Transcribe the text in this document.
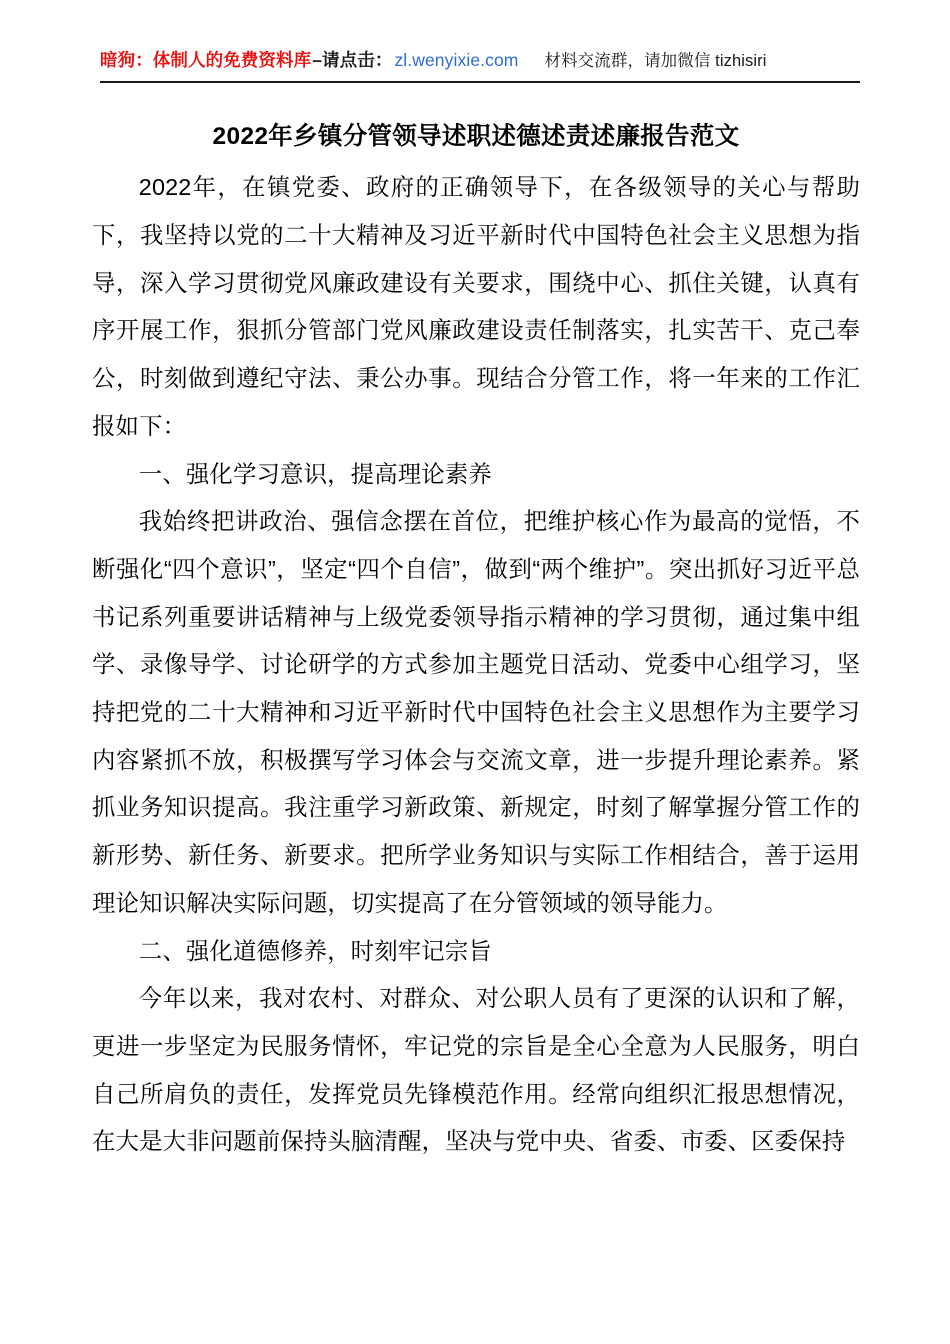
暗狗：体制人的免费资料库 –请点击： zl.wenyixie.com 材料交流群，请加微信 tizhisiri
2022年乡镇分管领导述职述德述责述廉报告范文

2022年，在镇党委、政府的正确领导下，在各级领导的关心与帮助下，我坚持以党的二十大精神及习近平新时代中国特色社会主义思想为指导，深入学习贯彻党风廉政建设有关要求，围绕中心、抓住关键，认真有序开展工作，狠抓分管部门党风廉政建设责任制落实，扎实苦干、克己奉公，时刻做到遵纪守法、秉公办事。现结合分管工作，将一年来的工作汇报如下：

一、强化学习意识，提高理论素养

我始终把讲政治、强信念摆在首位，把维护核心作为最高的觉悟，不断强化“四个意识”，坚定“四个自信”，做到“两个维护”。突出抓好习近平总书记系列重要讲话精神与上级党委领导指示精神的学习贯彻，通过集中组学、录像导学、讨论研学的方式参加主题党日活动、党委中心组学习，坚持把党的二十大精神和习近平新时代中国特色社会主义思想作为主要学习内容紧抓不放，积极撰写学习体会与交流文章，进一步提升理论素养。紧抓业务知识提高。我注重学习新政策、新规定，时刻了解掌握分管工作的新形势、新任务、新要求。把所学业务知识与实际工作相结合，善于运用理论知识解决实际问题，切实提高了在分管领域的领导能力。

二、强化道德修养，时刻牢记宗旨

今年以来，我对农村、对群众、对公职人员有了更深的认识和了解，更进一步坚定为民服务情怀，牢记党的宗旨是全心全意为人民服务，明白自己所肩负的责任，发挥党员先锋模范作用。经常向组织汇报思想情况，在大是大非问题前保持头脑清醒，坚决与党中央、省委、市委、区委保持
